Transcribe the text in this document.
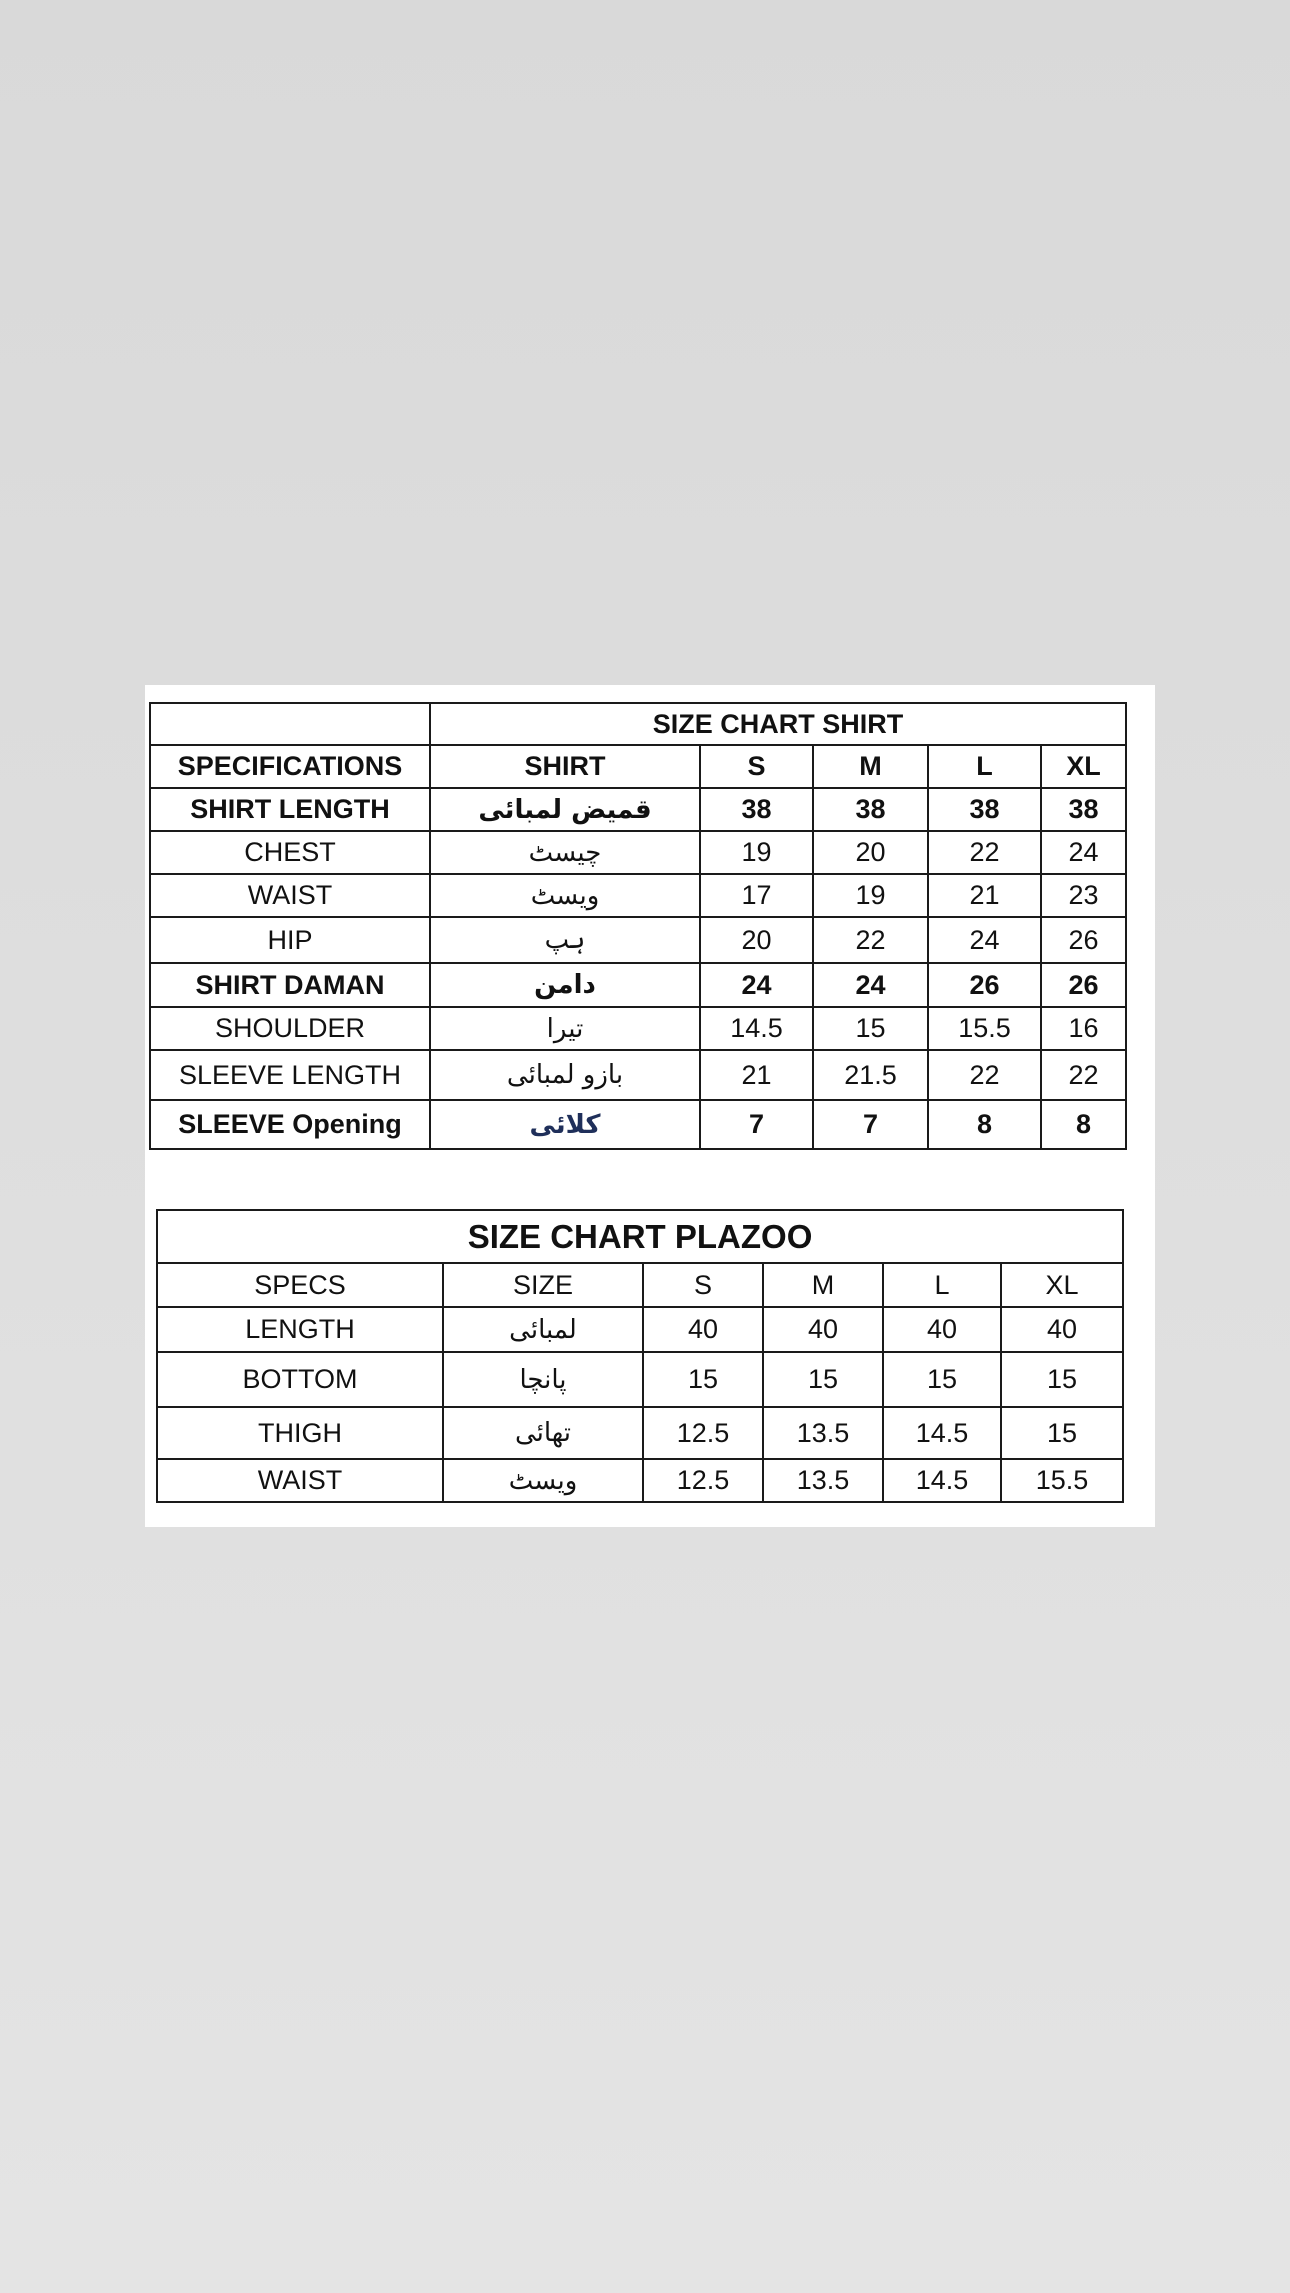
	SIZE CHART SHIRT				
SPECIFICATIONS	SHIRT	S	M	L	XL
SHIRT LENGTH	قمیض لمبائی	38	38	38	38
CHEST	چیسٹ	19	20	22	24
WAIST	ویسٹ	17	19	21	23
HIP	ہپ	20	22	24	26
SHIRT DAMAN	دامن	24	24	26	26
SHOULDER	تیرا	14.5	15	15.5	16
SLEEVE LENGTH	بازو لمبائی	21	21.5	22	22
SLEEVE Opening	کلائی	7	7	8	8
SIZE CHART PLAZOO					
SPECS	SIZE	S	M	L	XL
LENGTH	لمبائی	40	40	40	40
BOTTOM	پانچا	15	15	15	15
THIGH	تھائی	12.5	13.5	14.5	15
WAIST	ویسٹ	12.5	13.5	14.5	15.5
